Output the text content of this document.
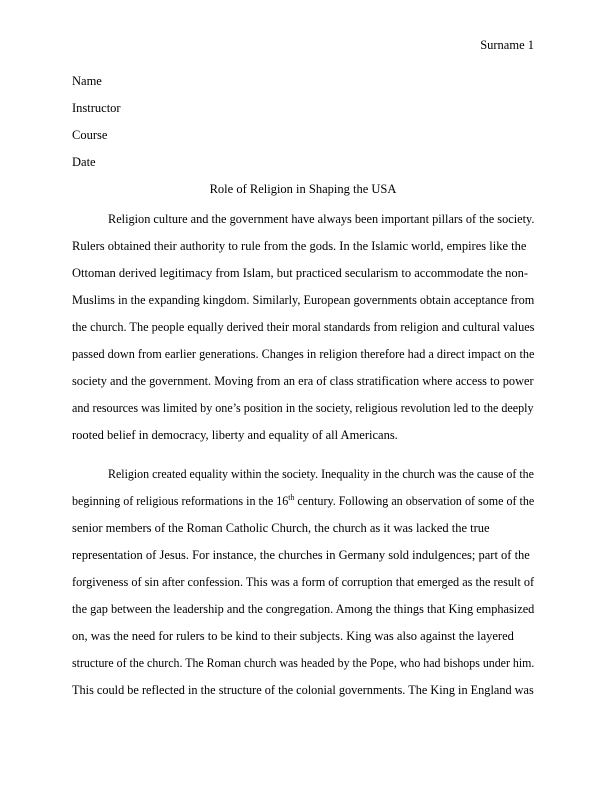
Surname 1
Name
Instructor
Course
Date
Role of Religion in Shaping the USA
Religion culture and the government have always been important pillars of the society.
Rulers obtained their authority to rule from the gods. In the Islamic world, empires like the
Ottoman derived legitimacy from Islam, but practiced secularism to accommodate the non-
Muslims in the expanding kingdom. Similarly, European governments obtain acceptance from
the church. The people equally derived their moral standards from religion and cultural values
passed down from earlier generations. Changes in religion therefore had a direct impact on the
society and the government. Moving from an era of class stratification where access to power
and resources was limited by one’s position in the society, religious revolution led to the deeply
rooted belief in democracy, liberty and equality of all Americans.
Religion created equality within the society. Inequality in the church was the cause of the
beginning of religious reformations in the 16th century. Following an observation of some of the
senior members of the Roman Catholic Church, the church as it was lacked the true
representation of Jesus. For instance, the churches in Germany sold indulgences; part of the
forgiveness of sin after confession. This was a form of corruption that emerged as the result of
the gap between the leadership and the congregation. Among the things that King emphasized
on, was the need for rulers to be kind to their subjects. King was also against the layered
structure of the church. The Roman church was headed by the Pope, who had bishops under him.
This could be reflected in the structure of the colonial governments. The King in England was
